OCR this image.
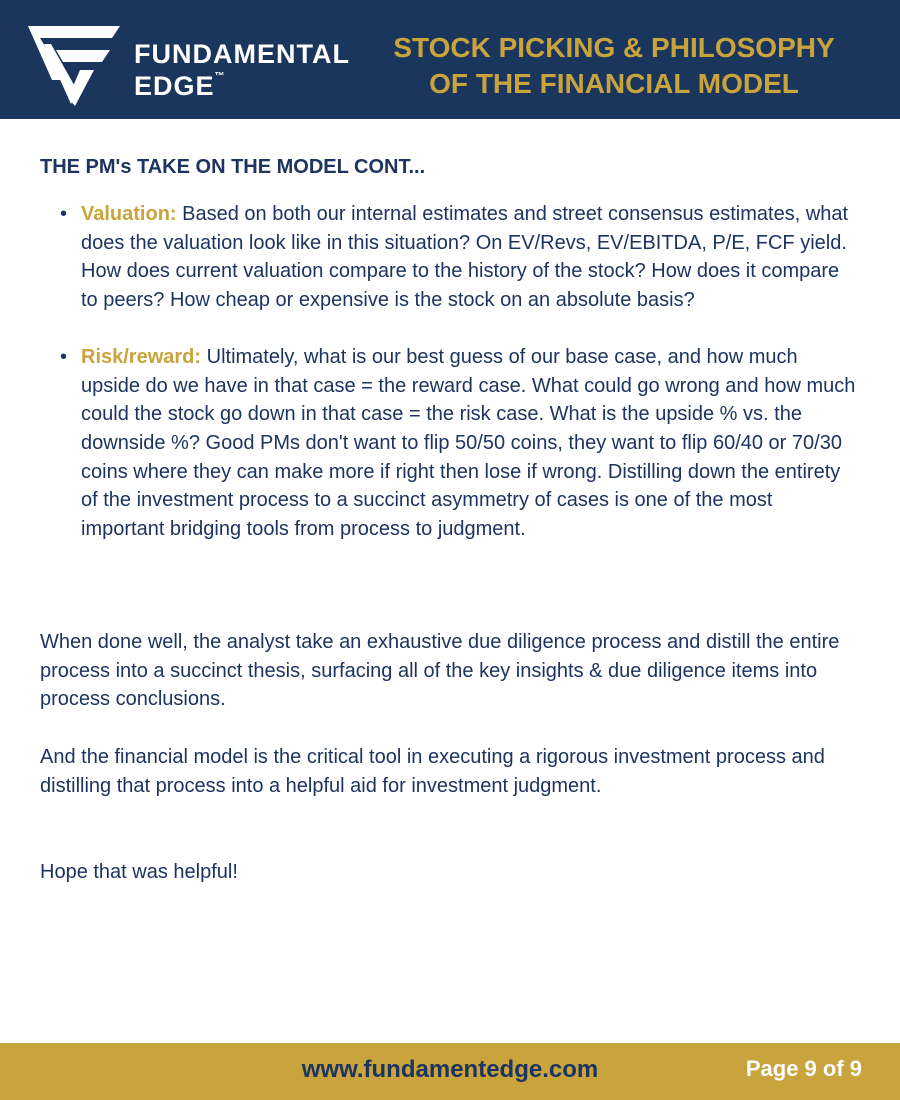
FUNDAMENTAL
EDGE™
STOCK PICKING & PHILOSOPHY
OF THE FINANCIAL MODEL
THE PM's TAKE ON THE MODEL CONT...
• Valuation: Based on both our internal estimates and street consensus estimates, what does the valuation look like in this situation? On EV/Revs, EV/EBITDA, P/E, FCF yield. How does current valuation compare to the history of the stock? How does it compare to peers? How cheap or expensive is the stock on an absolute basis?
• Risk/reward: Ultimately, what is our best guess of our base case, and how much upside do we have in that case = the reward case. What could go wrong and how much could the stock go down in that case = the risk case. What is the upside % vs. the downside %? Good PMs don't want to flip 50/50 coins, they want to flip 60/40 or 70/30 coins where they can make more if right then lose if wrong. Distilling down the entirety of the investment process to a succinct asymmetry of cases is one of the most important bridging tools from process to judgment.

When done well, the analyst take an exhaustive due diligence process and distill the entire process into a succinct thesis, surfacing all of the key insights & due diligence items into process conclusions.

And the financial model is the critical tool in executing a rigorous investment process and distilling that process into a helpful aid for investment judgment.

Hope that was helpful!

www.fundamentedge.com	Page 9 of 9
